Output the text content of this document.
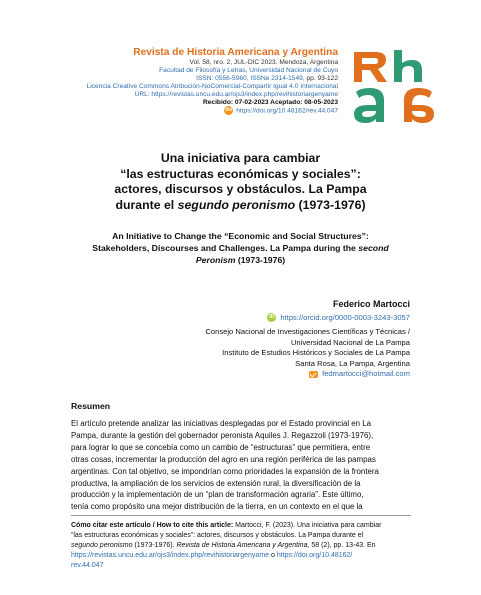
Revista de Historia Americana y Argentina
Vol. 58, nro. 2, JUL-DIC 2023. Mendoza, Argentina
Facultad de Filosofía y Letras, Universidad Nacional de Cuyo
ISSN: 0556-5960, ISSNe 2314-1549, pp. 93-122
Licencia Creative Commons Atribución-NoComercial-Compartir Igual 4.0 Internacional
URL: https://revistas.uncu.edu.ar/ojs3/index.php/revihistoriargenyame
Recibido: 07-02-2023 Aceptado: 08-05-2023
doi https://doi.org/10.48162/rev.44.047
Una iniciativa para cambiar
“las estructuras económicas y sociales”:
actores, discursos y obstáculos. La Pampa
durante el segundo peronismo (1973-1976)
An Initiative to Change the “Economic and Social Structures”:
Stakeholders, Discourses and Challenges. La Pampa during the second
Peronism (1973-1976)
Federico Martocci
iD https://orcid.org/0000-0003-3243-3057
Consejo Nacional de Investigaciones Científicas y Técnicas /
Universidad Nacional de La Pampa
Instituto de Estudios Históricos y Sociales de La Pampa
Santa Rosa, La Pampa, Argentina
fedmartocci@hotmail.com
Resumen
El artículo pretende analizar las iniciativas desplegadas por el Estado provincial en La
Pampa, durante la gestión del gobernador peronista Aquiles J. Regazzoli (1973-1976),
para lograr lo que se concebía como un cambio de “estructuras” que permitiera, entre
otras cosas, incrementar la producción del agro en una región periférica de las pampas
argentinas. Con tal objetivo, se impondrían como prioridades la expansión de la frontera
productiva, la ampliación de los servicios de extensión rural, la diversificación de la
producción y la implementación de un “plan de transformación agraria”. Este último,
tenía como propósito una mejor distribución de la tierra, en un contexto en el que la
Cómo citar este artículo / How to cite this article: Martocci, F. (2023). Una iniciativa para cambiar
“las estructuras económicas y sociales”: actores, discursos y obstáculos. La Pampa durante el
segundo peronismo (1973-1976). Revista de Historia Americana y Argentina, 58 (2), pp. 13-43. En
https://revistas.uncu.edu.ar/ojs3/index.php/revihistoriargenyame o https://doi.org/10.48162/
rev.44.047
